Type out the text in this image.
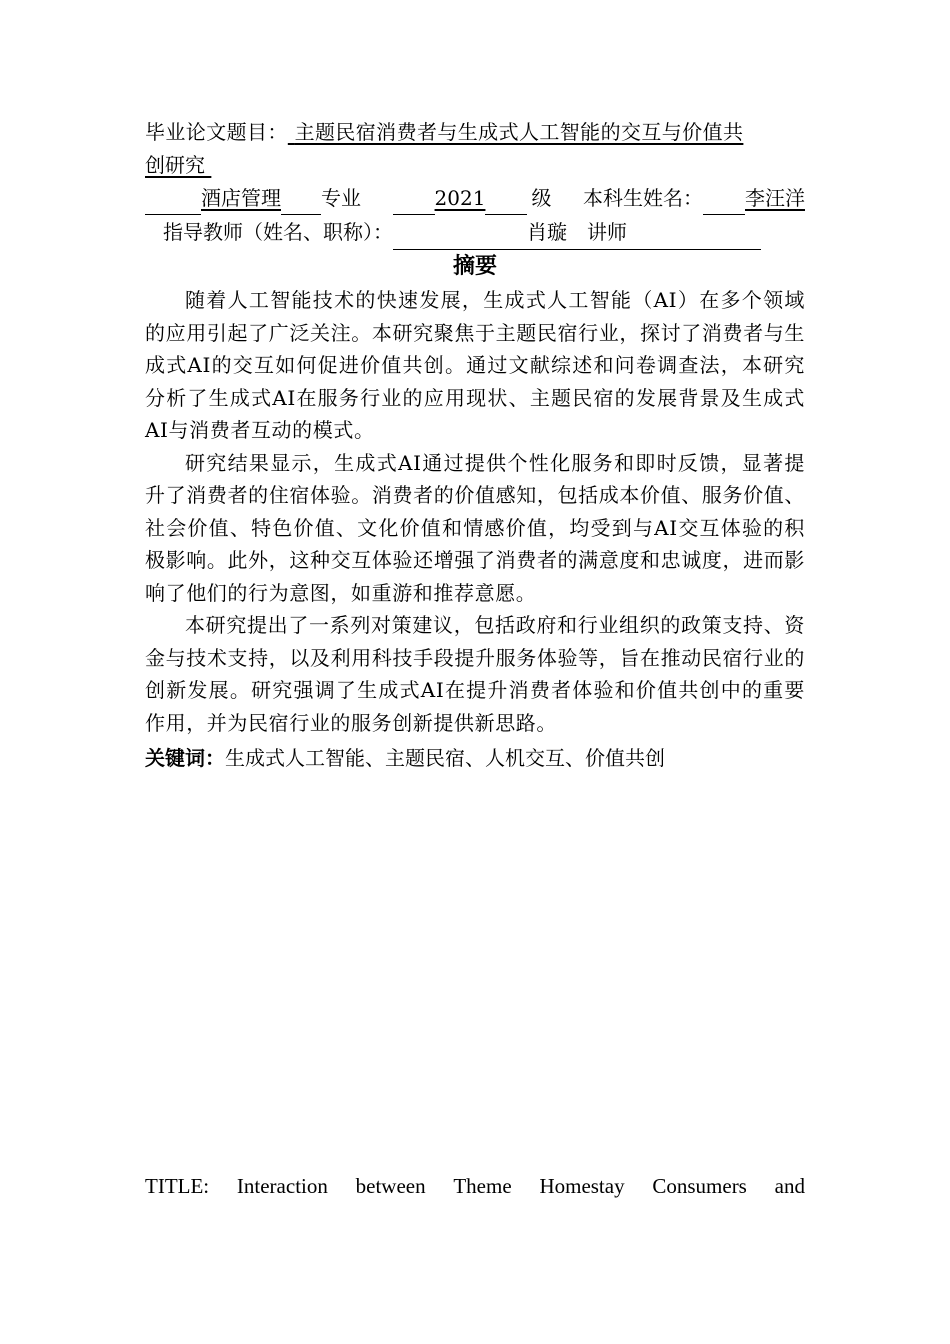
毕业论文题目： 主题民宿消费者与生成式人工智能的交互与价值共
创研究
酒店管理 专业	2021 级 本科生姓名： 李汪洋
指导教师（姓名、职称）：	肖璇　讲师
摘要

随着人工智能技术的快速发展，生成式人工智能（AI）在多个领域的应用引起了广泛关注。本研究聚焦于主题民宿行业，探讨了消费者与生成式AI的交互如何促进价值共创。通过文献综述和问卷调查法，本研究分析了生成式AI在服务行业的应用现状、主题民宿的发展背景及生成式AI与消费者互动的模式。

研究结果显示，生成式AI通过提供个性化服务和即时反馈，显著提升了消费者的住宿体验。消费者的价值感知，包括成本价值、服务价值、社会价值、特色价值、文化价值和情感价值，均受到与AI交互体验的积极影响。此外，这种交互体验还增强了消费者的满意度和忠诚度，进而影响了他们的行为意图，如重游和推荐意愿。

本研究提出了一系列对策建议，包括政府和行业组织的政策支持、资金与技术支持，以及利用科技手段提升服务体验等，旨在推动民宿行业的创新发展。研究强调了生成式AI在提升消费者体验和价值共创中的重要作用，并为民宿行业的服务创新提供新思路。

关键词：生成式人工智能、主题民宿、人机交互、价值共创
TITLE: Interaction between Theme Homestay Consumers and
